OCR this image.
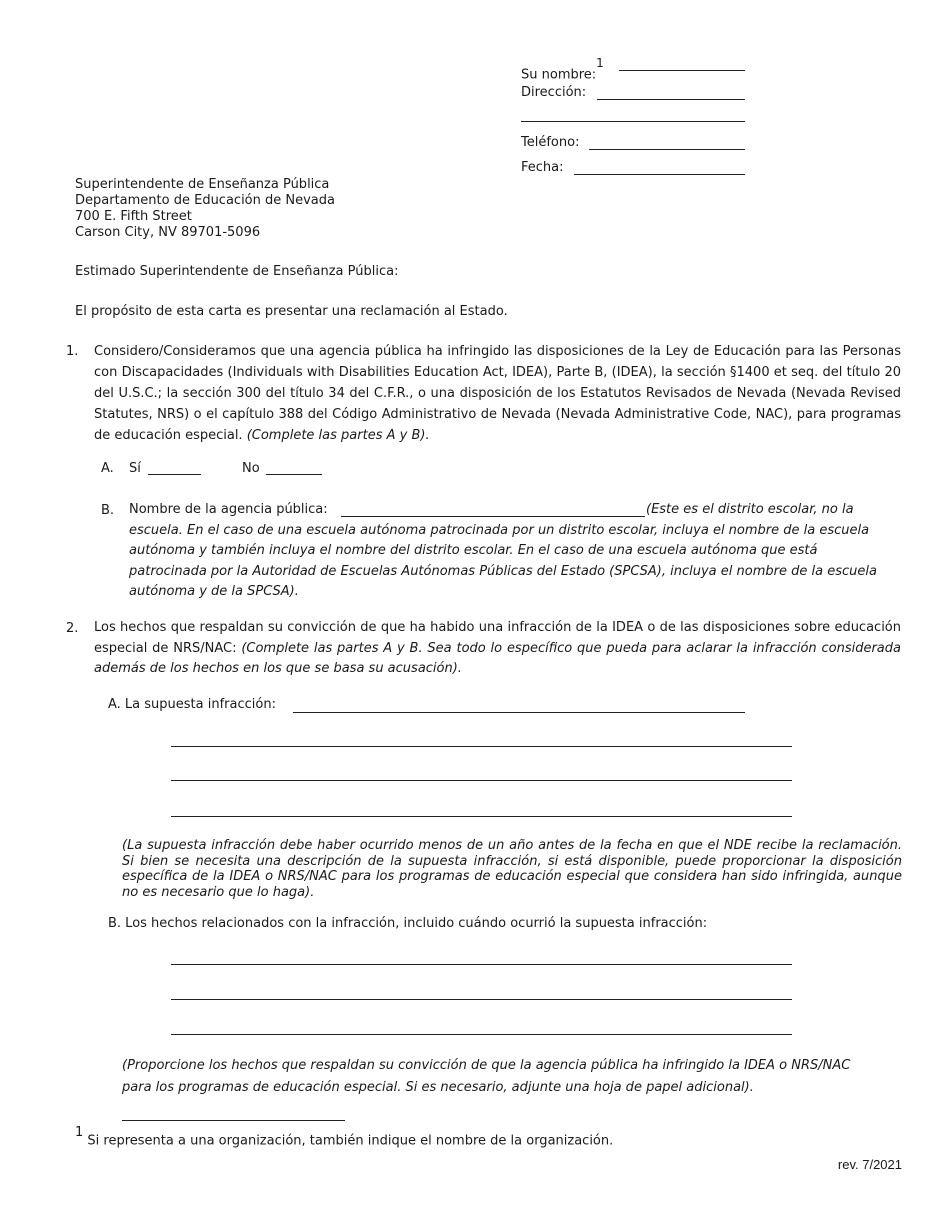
Su nombre:$^1$
Dirección:
Teléfono:
Fecha:
Superintendente de Enseñanza Pública
Departamento de Educación de Nevada
700 E. Fifth Street
Carson City, NV 89701-5096
Estimado Superintendente de Enseñanza Pública:
El propósito de esta carta es presentar una reclamación al Estado.
1. Considero/Consideramos que una agencia pública ha infringido las disposiciones de la Ley de Educación para las Personas con Discapacidades (Individuals with Disabilities Education Act, IDEA), Parte B, (IDEA), la sección §1400 et seq. del título 20 del U.S.C.; la sección 300 del título 34 del C.F.R., o una disposición de los Estatutos Revisados de Nevada (Nevada Revised Statutes, NRS) o el capítulo 388 del Código Administrativo de Nevada (Nevada Administrative Code, NAC), para programas de educación especial. (Complete las partes A y B).
A. Sí	No
B. Nombre de la agencia pública:	(Este es el distrito escolar, no la escuela. En el caso de una escuela autónoma patrocinada por un distrito escolar, incluya el nombre de la escuela autónoma y también incluya el nombre del distrito escolar. En el caso de una escuela autónoma que está patrocinada por la Autoridad de Escuelas Autónomas Públicas del Estado (SPCSA), incluya el nombre de la escuela autónoma y de la SPCSA).
2. Los hechos que respaldan su convicción de que ha habido una infracción de la IDEA o de las disposiciones sobre educación especial de NRS/NAC: (Complete las partes A y B. Sea todo lo específico que pueda para aclarar la infracción considerada además de los hechos en los que se basa su acusación).
A. La supuesta infracción:
(La supuesta infracción debe haber ocurrido menos de un año antes de la fecha en que el NDE recibe la reclamación. Si bien se necesita una descripción de la supuesta infracción, si está disponible, puede proporcionar la disposición específica de la IDEA o NRS/NAC para los programas de educación especial que considera han sido infringida, aunque no es necesario que lo haga).
B. Los hechos relacionados con la infracción, incluido cuándo ocurrió la supuesta infracción:
(Proporcione los hechos que respaldan su convicción de que la agencia pública ha infringido la IDEA o NRS/NAC para los programas de educación especial. Si es necesario, adjunte una hoja de papel adicional).
$^1$ Si representa a una organización, también indique el nombre de la organización.
rev. 7/2021
